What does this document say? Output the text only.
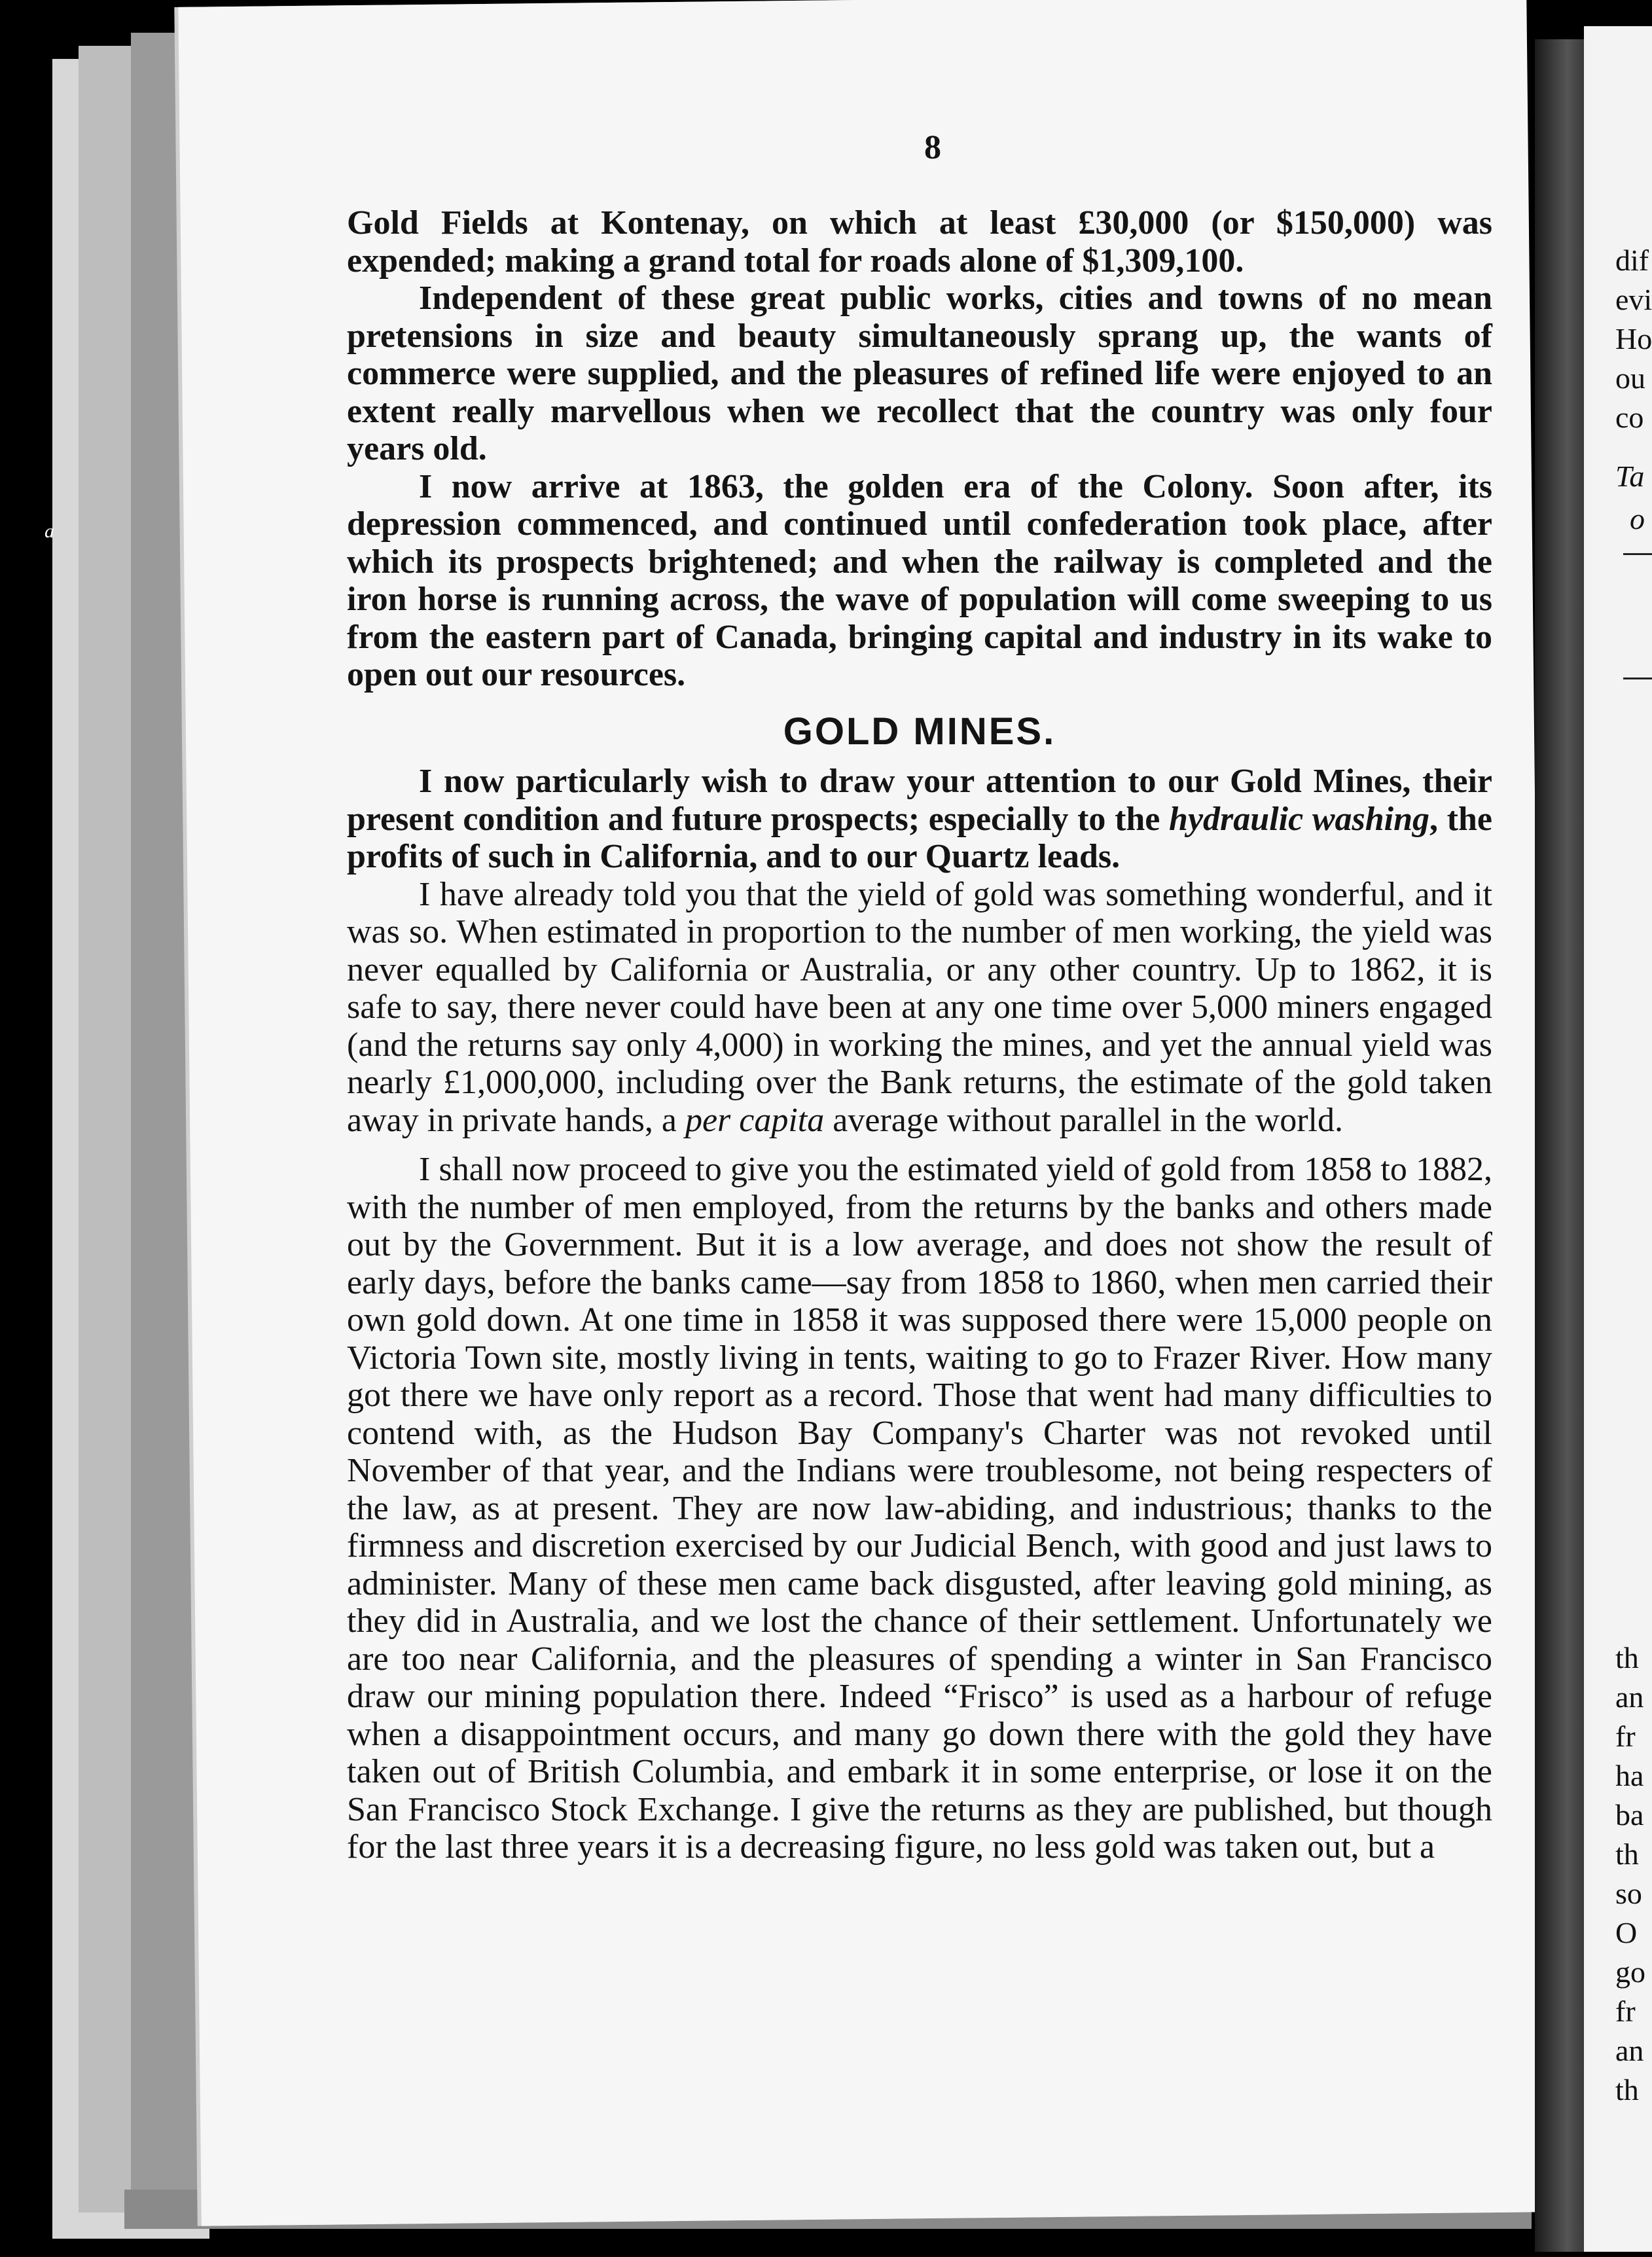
a
8

Gold Fields at Kontenay, on which at least £30,000 (or $150,000) was expended; making a grand total for roads alone of $1,309,100.

Independent of these great public works, cities and towns of no mean pretensions in size and beauty simultaneously sprang up, the wants of commerce were supplied, and the pleasures of refined life were enjoyed to an extent really marvellous when we recollect that the country was only four years old.

I now arrive at 1863, the golden era of the Colony. Soon after, its depression commenced, and continued until confederation took place, after which its prospects brightened; and when the railway is completed and the iron horse is running across, the wave of population will come sweeping to us from the eastern part of Canada, bringing capital and industry in its wake to open out our resources.

GOLD MINES.

I now particularly wish to draw your attention to our Gold Mines, their present condition and future prospects; especially to the hydraulic washing, the profits of such in California, and to our Quartz leads.

I have already told you that the yield of gold was something wonderful, and it was so. When estimated in proportion to the number of men working, the yield was never equalled by California or Australia, or any other country. Up to 1862, it is safe to say, there never could have been at any one time over 5,000 miners engaged (and the returns say only 4,000) in working the mines, and yet the annual yield was nearly £1,000,000, including over the Bank returns, the estimate of the gold taken away in private hands, a per capita average without parallel in the world.

I shall now proceed to give you the estimated yield of gold from 1858 to 1882, with the number of men employed, from the returns by the banks and others made out by the Government. But it is a low average, and does not show the result of early days, before the banks came—say from 1858 to 1860, when men carried their own gold down. At one time in 1858 it was supposed there were 15,000 people on Victoria Town site, mostly living in tents, waiting to go to Frazer River. How many got there we have only report as a record. Those that went had many difficulties to contend with, as the Hudson Bay Company's Charter was not revoked until November of that year, and the Indians were troublesome, not being respecters of the law, as at present. They are now law-abiding, and industrious; thanks to the firmness and discretion exercised by our Judicial Bench, with good and just laws to administer. Many of these men came back disgusted, after leaving gold mining, as they did in Australia, and we lost the chance of their settlement. Unfortunately we are too near California, and the pleasures of spending a winter in San Francisco draw our mining population there. Indeed “Frisco” is used as a harbour of refuge when a disappointment occurs, and many go down there with the gold they have taken out of British Columbia, and embark it in some enterprise, or lose it on the San Francisco Stock Exchange. I give the returns as they are published, but though for the last three years it is a decreasing figure, no less gold was taken out, but a

dif
evi
Ho
ou
co
Ta
o
th
an
fr
ha
ba
th
so
O
go
fr
an
th
